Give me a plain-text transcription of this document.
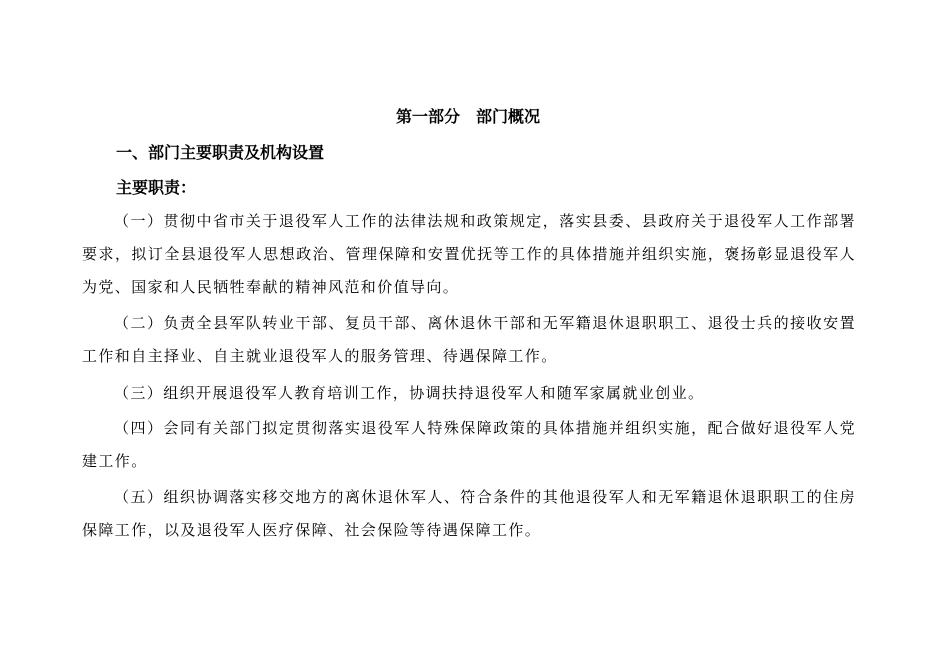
第一部分　部门概况
一、部门主要职责及机构设置
主要职责：
（一）贯彻中省市关于退役军人工作的法律法规和政策规定，落实县委、县政府关于退役军人工作部署要求，拟订全县退役军人思想政治、管理保障和安置优抚等工作的具体措施并组织实施，褒扬彰显退役军人为党、国家和人民牺牲奉献的精神风范和价值导向。
（二）负责全县军队转业干部、复员干部、离休退休干部和无军籍退休退职职工、退役士兵的接收安置工作和自主择业、自主就业退役军人的服务管理、待遇保障工作。
（三）组织开展退役军人教育培训工作，协调扶持退役军人和随军家属就业创业。
（四）会同有关部门拟定贯彻落实退役军人特殊保障政策的具体措施并组织实施，配合做好退役军人党建工作。
（五）组织协调落实移交地方的离休退休军人、符合条件的其他退役军人和无军籍退休退职职工的住房保障工作，以及退役军人医疗保障、社会保险等待遇保障工作。
